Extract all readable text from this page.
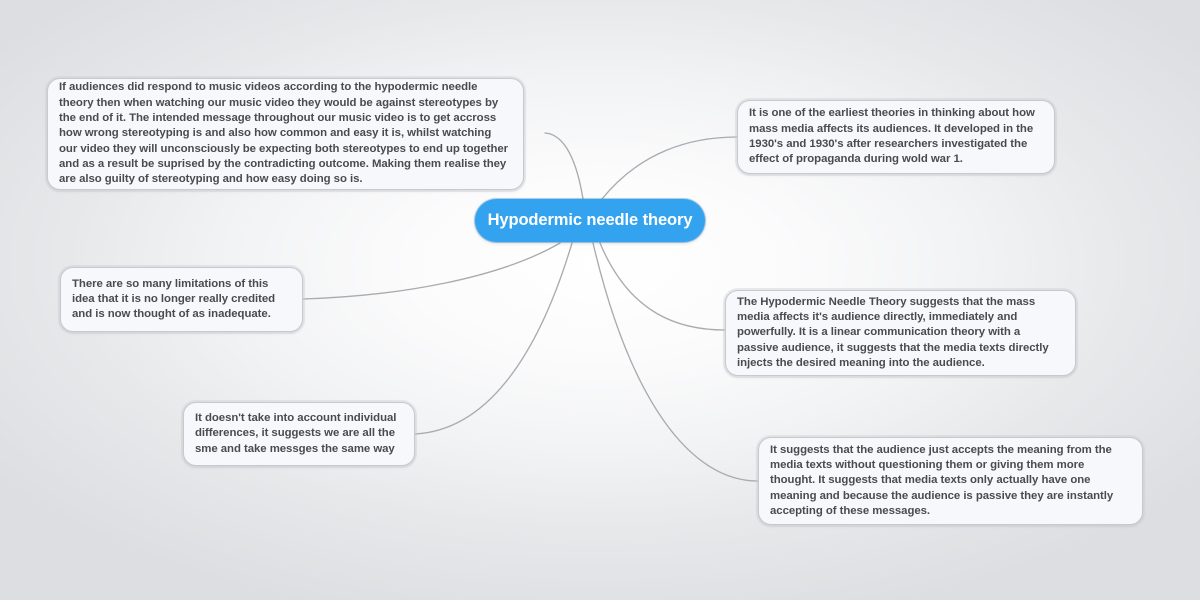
Hypodermic needle theory
If audiences did respond to music videos according to the hypodermic needle theory then when watching our music video they would be against stereotypes by the end of it. The intended message throughout our music video is to get accross how wrong stereotyping is and also how common and easy it is, whilst watching our video they will unconsciously be expecting both stereotypes to end up together and as a result be suprised by the contradicting outcome. Making them realise they are also guilty of stereotyping and how easy doing so is.
It is one of the earliest theories in thinking about how mass media affects its audiences. It developed in the 1930's and 1930's after researchers investigated the effect of propaganda during wold war 1.
There are so many limitations of this idea that it is no longer really credited and is now thought of as inadequate.
The Hypodermic Needle Theory suggests that the mass media affects it's audience directly, immediately and powerfully. It is a linear communication theory with a passive audience, it suggests that the media texts directly injects the desired meaning into the audience.
It doesn't take into account individual differences, it suggests we are all the sme and take messges the same way	It suggests that the audience just accepts the meaning from the media texts without questioning them or giving them more thought. It suggests that media texts only actually have one meaning and because the audience is passive they are instantly accepting of these messages.
